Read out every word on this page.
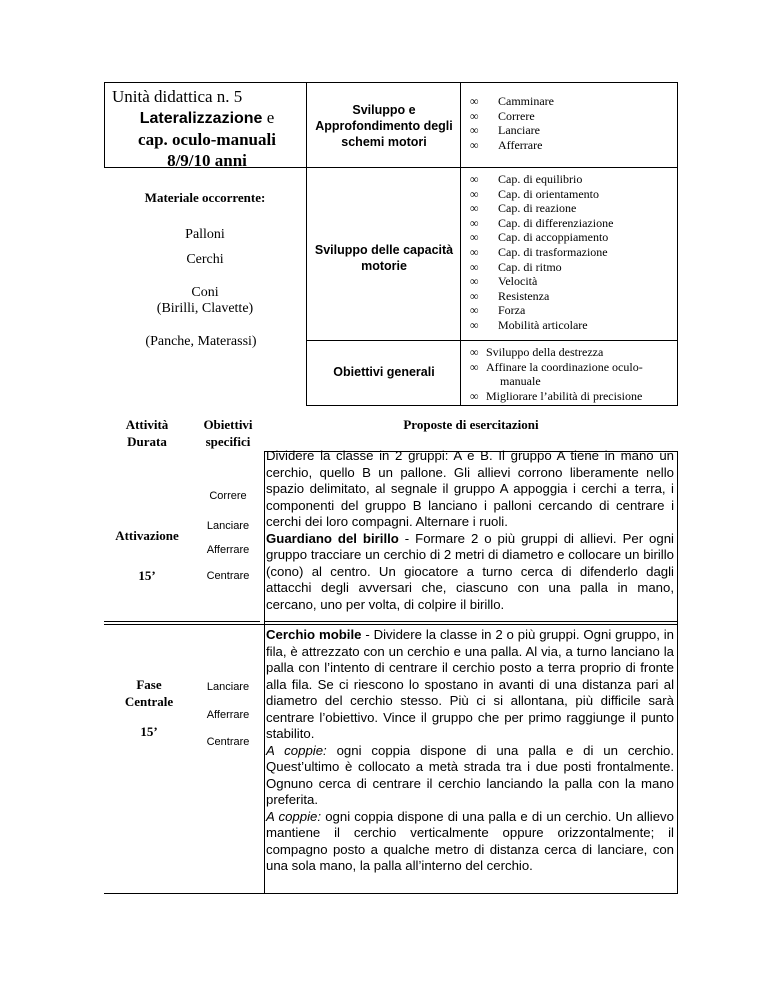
Unità didattica n. 5
Lateralizzazione e
cap. oculo-manuali
8/9/10 anni
Sviluppo e Approfondimento degli schemi motori
∞ Camminare
∞ Correre
∞ Lanciare
∞ Afferrare
Materiale occorrente:
Palloni
Cerchi
Coni
(Birilli, Clavette)
(Panche, Materassi)
Sviluppo delle capacità motorie
∞ Cap. di equilibrio
∞ Cap. di orientamento
∞ Cap. di reazione
∞ Cap. di differenziazione
∞ Cap. di accoppiamento
∞ Cap. di trasformazione
∞ Cap. di ritmo
∞ Velocità
∞ Resistenza
∞ Forza
∞ Mobilità articolare
Obiettivi generali
∞ Sviluppo della destrezza
∞ Affinare la coordinazione oculo-
manuale
∞ Migliorare l’abilità di precisione
Attività
Durata
Obiettivi
specifici
Proposte di esercitazioni
Attivazione
15’
Correre
Lanciare
Afferrare
Centrare
Dividere la classe in 2 gruppi: A e B. Il gruppo A tiene in mano un cerchio, quello B un pallone. Gli allievi corrono liberamente nello spazio delimitato, al segnale il gruppo A appoggia i cerchi a terra, i componenti del gruppo B lanciano i palloni cercando di centrare i cerchi dei loro compagni. Alternare i ruoli.
Guardiano del birillo - Formare 2 o più gruppi di allievi. Per ogni gruppo tracciare un cerchio di 2 metri di diametro e collocare un birillo (cono) al centro. Un giocatore a turno cerca di difenderlo dagli attacchi degli avversari che, ciascuno con una palla in mano, cercano, uno per volta, di colpire il birillo.
Fase
Centrale
15’
Lanciare
Afferrare
Centrare
Cerchio mobile - Dividere la classe in 2 o più gruppi. Ogni gruppo, in fila, è attrezzato con un cerchio e una palla. Al via, a turno lanciano la palla con l’intento di centrare il cerchio posto a terra proprio di fronte alla fila. Se ci riescono lo spostano in avanti di una distanza pari al diametro del cerchio stesso. Più ci si allontana, più difficile sarà centrare l’obiettivo. Vince il gruppo che per primo raggiunge il punto stabilito.
A coppie: ogni coppia dispone di una palla e di un cerchio. Quest’ultimo è collocato a metà strada tra i due posti frontalmente. Ognuno cerca di centrare il cerchio lanciando la palla con la mano preferita.
A coppie: ogni coppia dispone di una palla e di un cerchio. Un allievo mantiene il cerchio verticalmente oppure orizzontalmente; il compagno posto a qualche metro di distanza cerca di lanciare, con una sola mano, la palla all’interno del cerchio.
